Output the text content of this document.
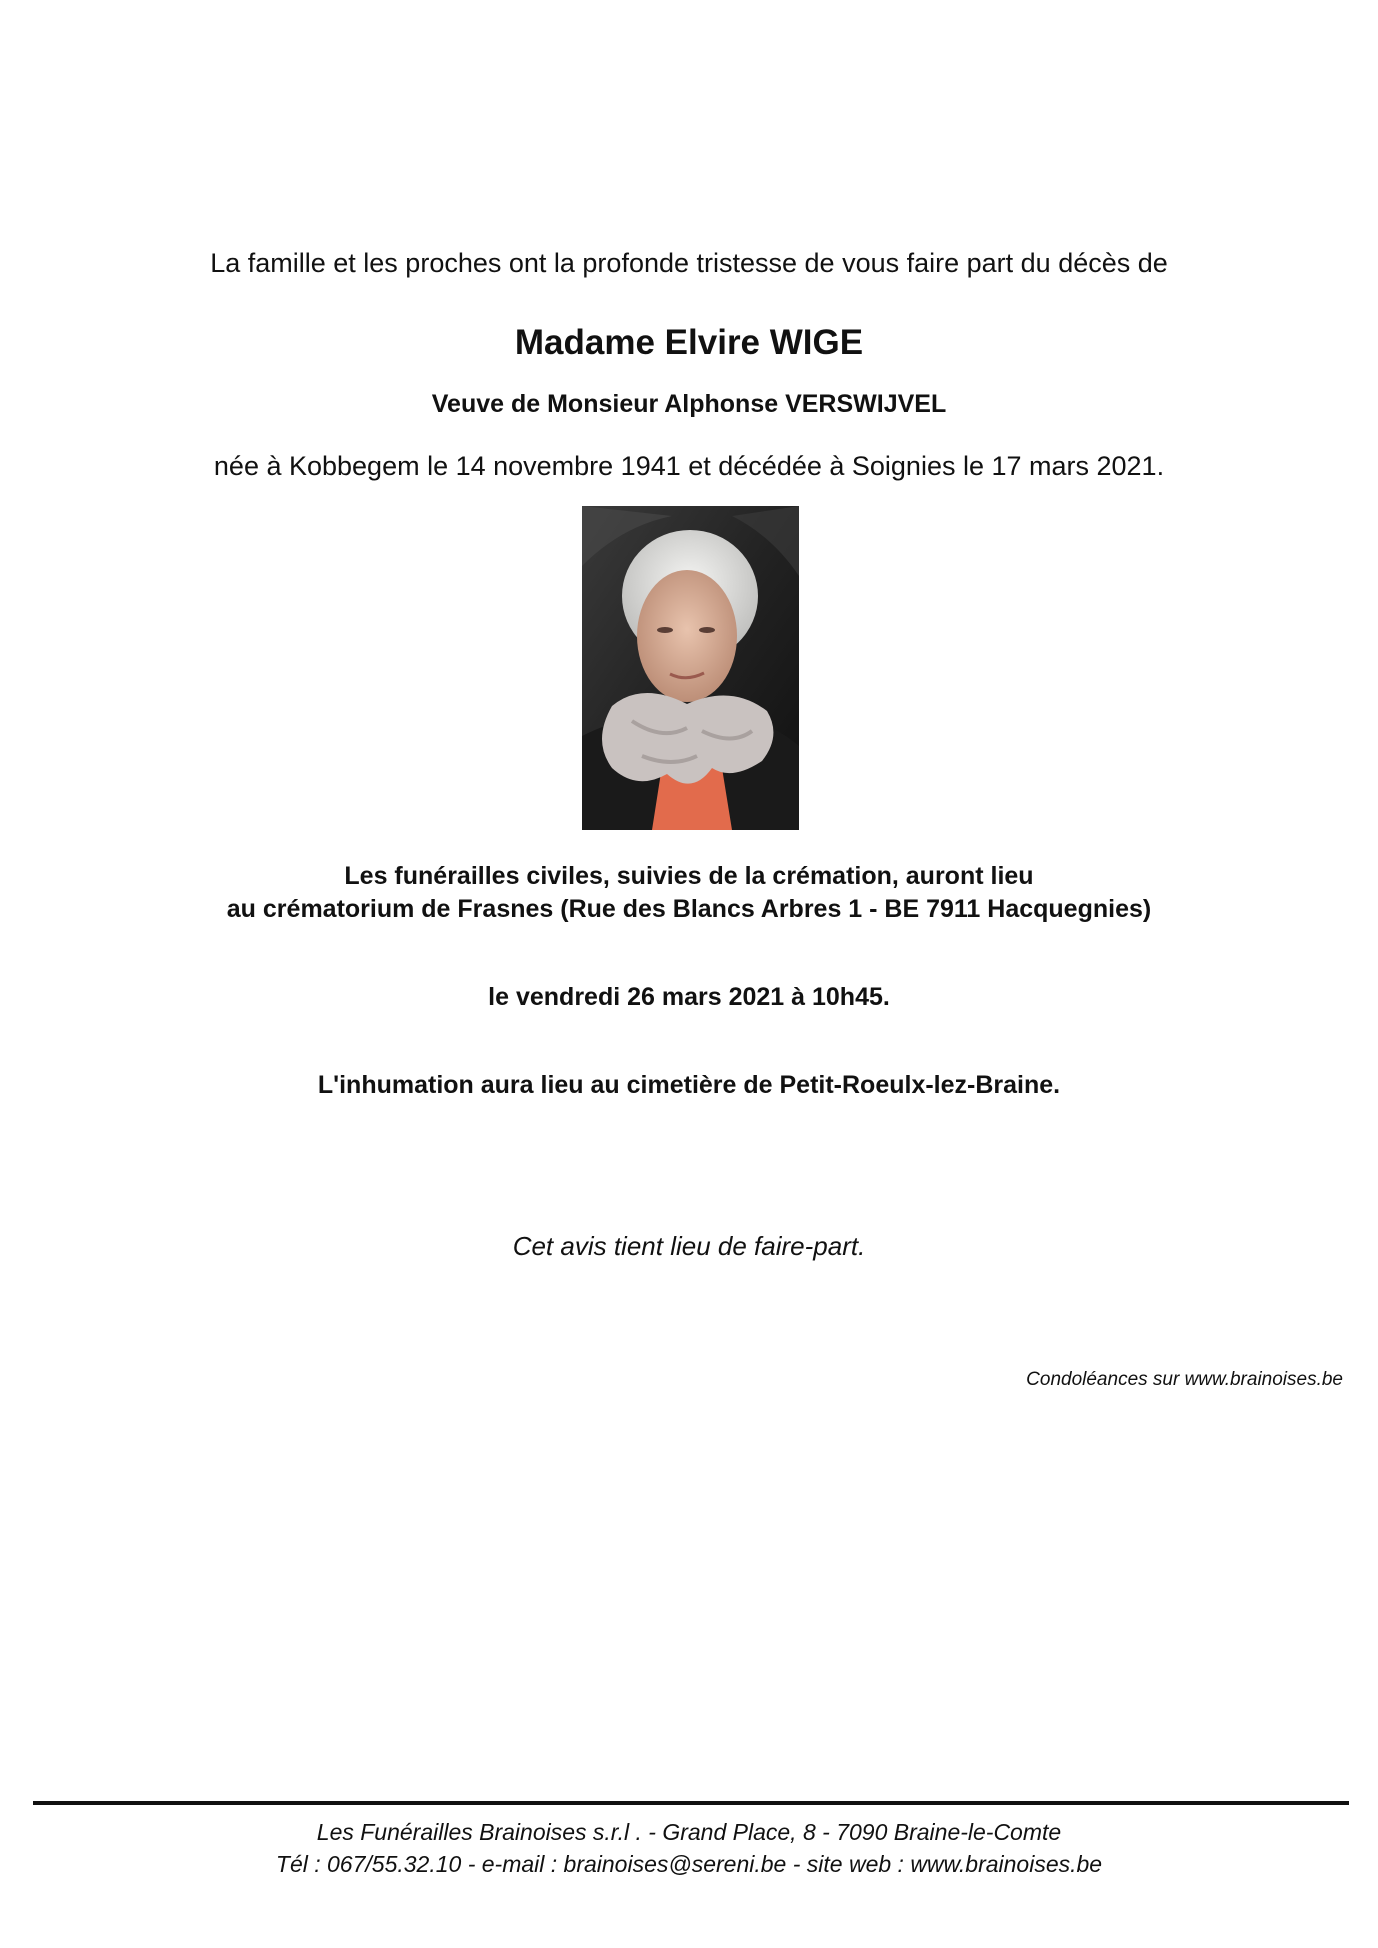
La famille et les proches ont la profonde tristesse de vous faire part du décès de
Madame Elvire WIGE
Veuve de Monsieur Alphonse VERSWIJVEL
née à Kobbegem le 14 novembre 1941 et décédée à Soignies le 17 mars 2021.
Les funérailles civiles, suivies de la crémation, auront lieu
au crématorium de Frasnes (Rue des Blancs Arbres 1 - BE 7911 Hacquegnies)
le vendredi 26 mars 2021 à 10h45.
L'inhumation aura lieu au cimetière de Petit-Roeulx-lez-Braine.
Cet avis tient lieu de faire-part.
Condoléances sur www.brainoises.be
Les Funérailles Brainoises s.r.l . - Grand Place, 8 - 7090 Braine-le-Comte
Tél : 067/55.32.10 - e-mail : brainoises@sereni.be - site web : www.brainoises.be
